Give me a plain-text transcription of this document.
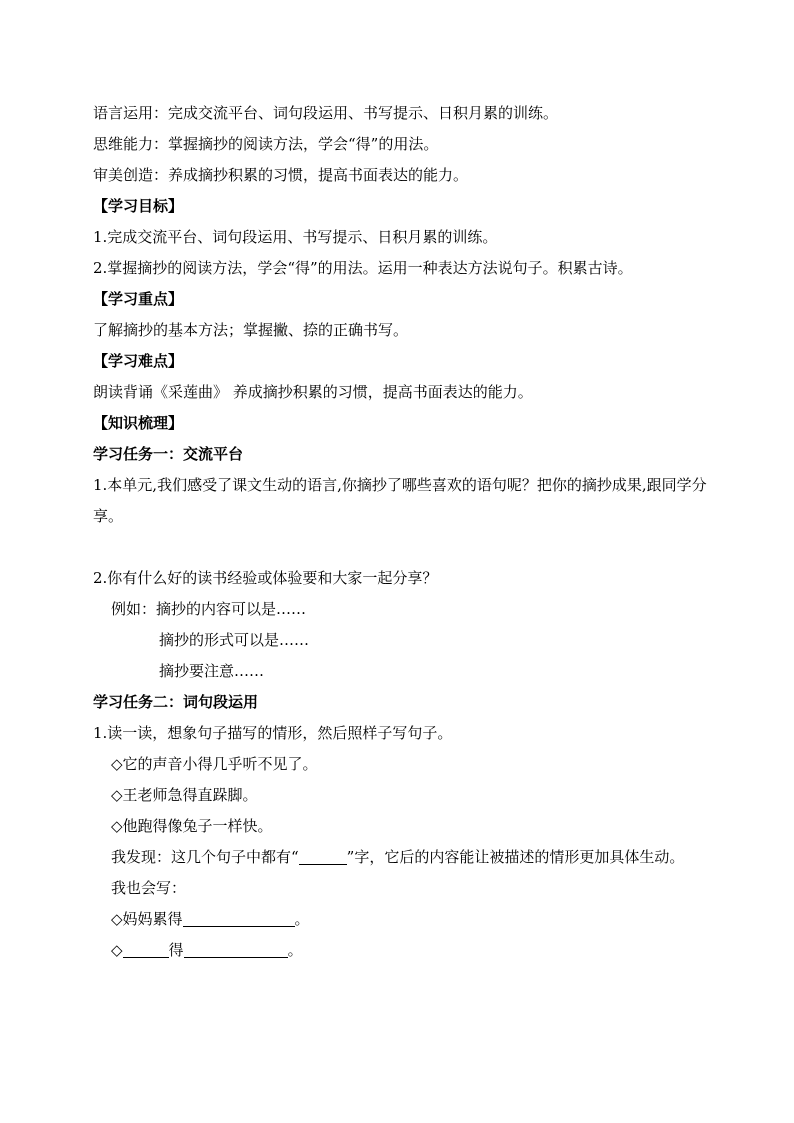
语言运用：完成交流平台、词句段运用、书写提示、日积月累的训练。
思维能力：掌握摘抄的阅读方法，学会“得”的用法。
审美创造：养成摘抄积累的习惯，提高书面表达的能力。
【学习目标】
1.完成交流平台、词句段运用、书写提示、日积月累的训练。
2.掌握摘抄的阅读方法，学会“得”的用法。运用一种表达方法说句子。积累古诗。
【学习重点】
了解摘抄的基本方法；掌握撇、捺的正确书写。
【学习难点】
朗读背诵《采莲曲》 养成摘抄积累的习惯，提高书面表达的能力。
【知识梳理】
学习任务一：交流平台
1.本单元,我们感受了课文生动的语言,你摘抄了哪些喜欢的语句呢？把你的摘抄成果,跟同学分享。
2.你有什么好的读书经验或体验要和大家一起分享？
例如：摘抄的内容可以是……
摘抄的形式可以是……
摘抄要注意……
学习任务二：词句段运用
1.读一读，想象句子描写的情形，然后照样子写句子。
◇它的声音小得几乎听不见了。
◇王老师急得直跺脚。
◇他跑得像兔子一样快。
我发现：这几个句子中都有“	”字，它后的内容能让被描述的情形更加具体生动。
我也会写：
◇妈妈累得	。
◇	得	。
